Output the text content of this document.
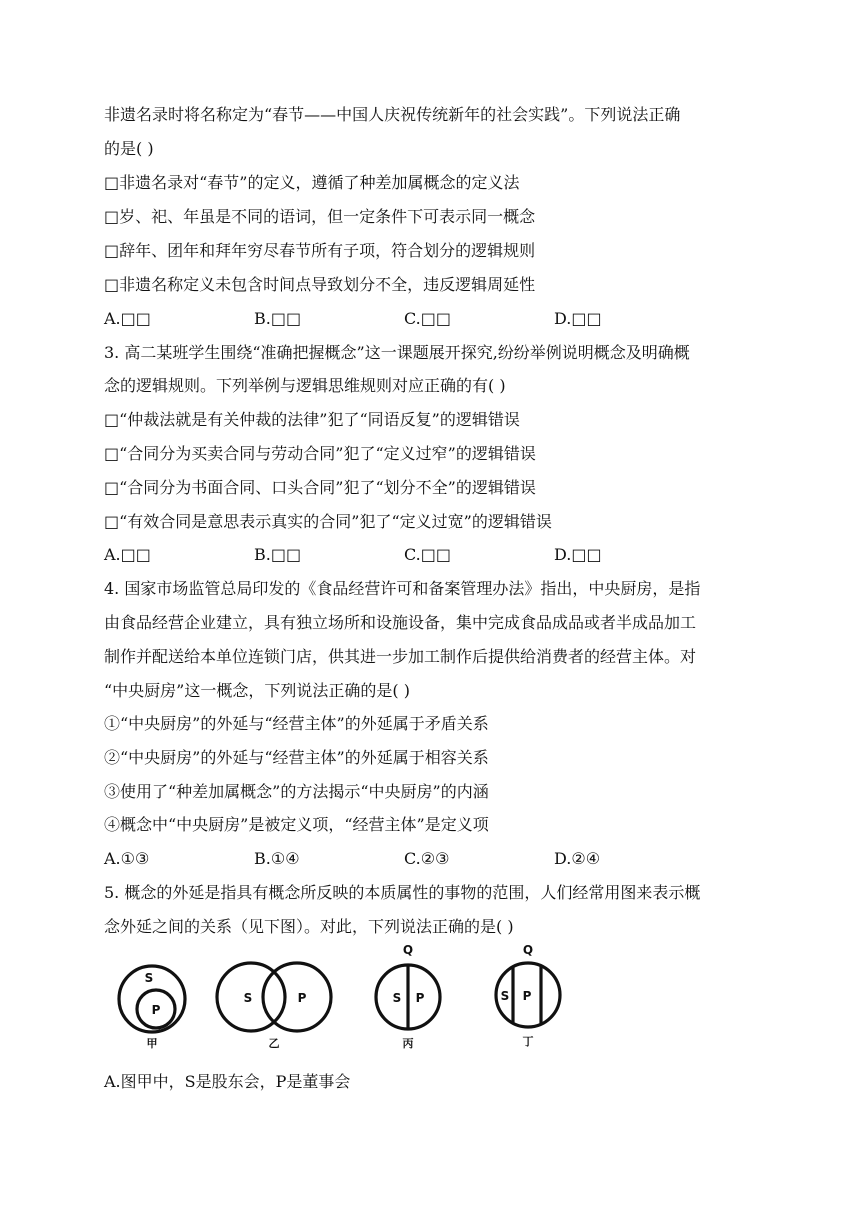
非遗名录时将名称定为“春节——中国人庆祝传统新年的社会实践”。下列说法正确
的是( )
□非遗名录对“春节”的定义，遵循了种差加属概念的定义法
□岁、祀、年虽是不同的语词，但一定条件下可表示同一概念
□辞年、团年和拜年穷尽春节所有子项，符合划分的逻辑规则
□非遗名称定义未包含时间点导致划分不全，违反逻辑周延性
A.□□	B.□□	C.□□	D.□□
3. 高二某班学生围绕“准确把握概念”这一课题展开探究,纷纷举例说明概念及明确概
念的逻辑规则。下列举例与逻辑思维规则对应正确的有( )
□“仲裁法就是有关仲裁的法律”犯了“同语反复”的逻辑错误
□“合同分为买卖合同与劳动合同”犯了“定义过窄”的逻辑错误
□“合同分为书面合同、口头合同”犯了“划分不全”的逻辑错误
□“有效合同是意思表示真实的合同”犯了“定义过宽”的逻辑错误
A.□□	B.□□	C.□□	D.□□
4. 国家市场监管总局印发的《食品经营许可和备案管理办法》指出，中央厨房，是指
由食品经营企业建立，具有独立场所和设施设备，集中完成食品成品或者半成品加工
制作并配送给本单位连锁门店，供其进一步加工制作后提供给消费者的经营主体。对
“中央厨房”这一概念，下列说法正确的是( )
①“中央厨房”的外延与“经营主体”的外延属于矛盾关系
②“中央厨房”的外延与“经营主体”的外延属于相容关系
③使用了“种差加属概念”的方法揭示“中央厨房”的内涵
④概念中“中央厨房”是被定义项，“经营主体”是定义项
A.①③	B.①④	C.②③	D.②④
5. 概念的外延是指具有概念所反映的本质属性的事物的范围，人们经常用图来表示概
念外延之间的关系（见下图）。对此，下列说法正确的是( )
S
P
S	P
Q
S P
Q
S P
甲	乙	丙	丁
A.图甲中，S是股东会，P是董事会
